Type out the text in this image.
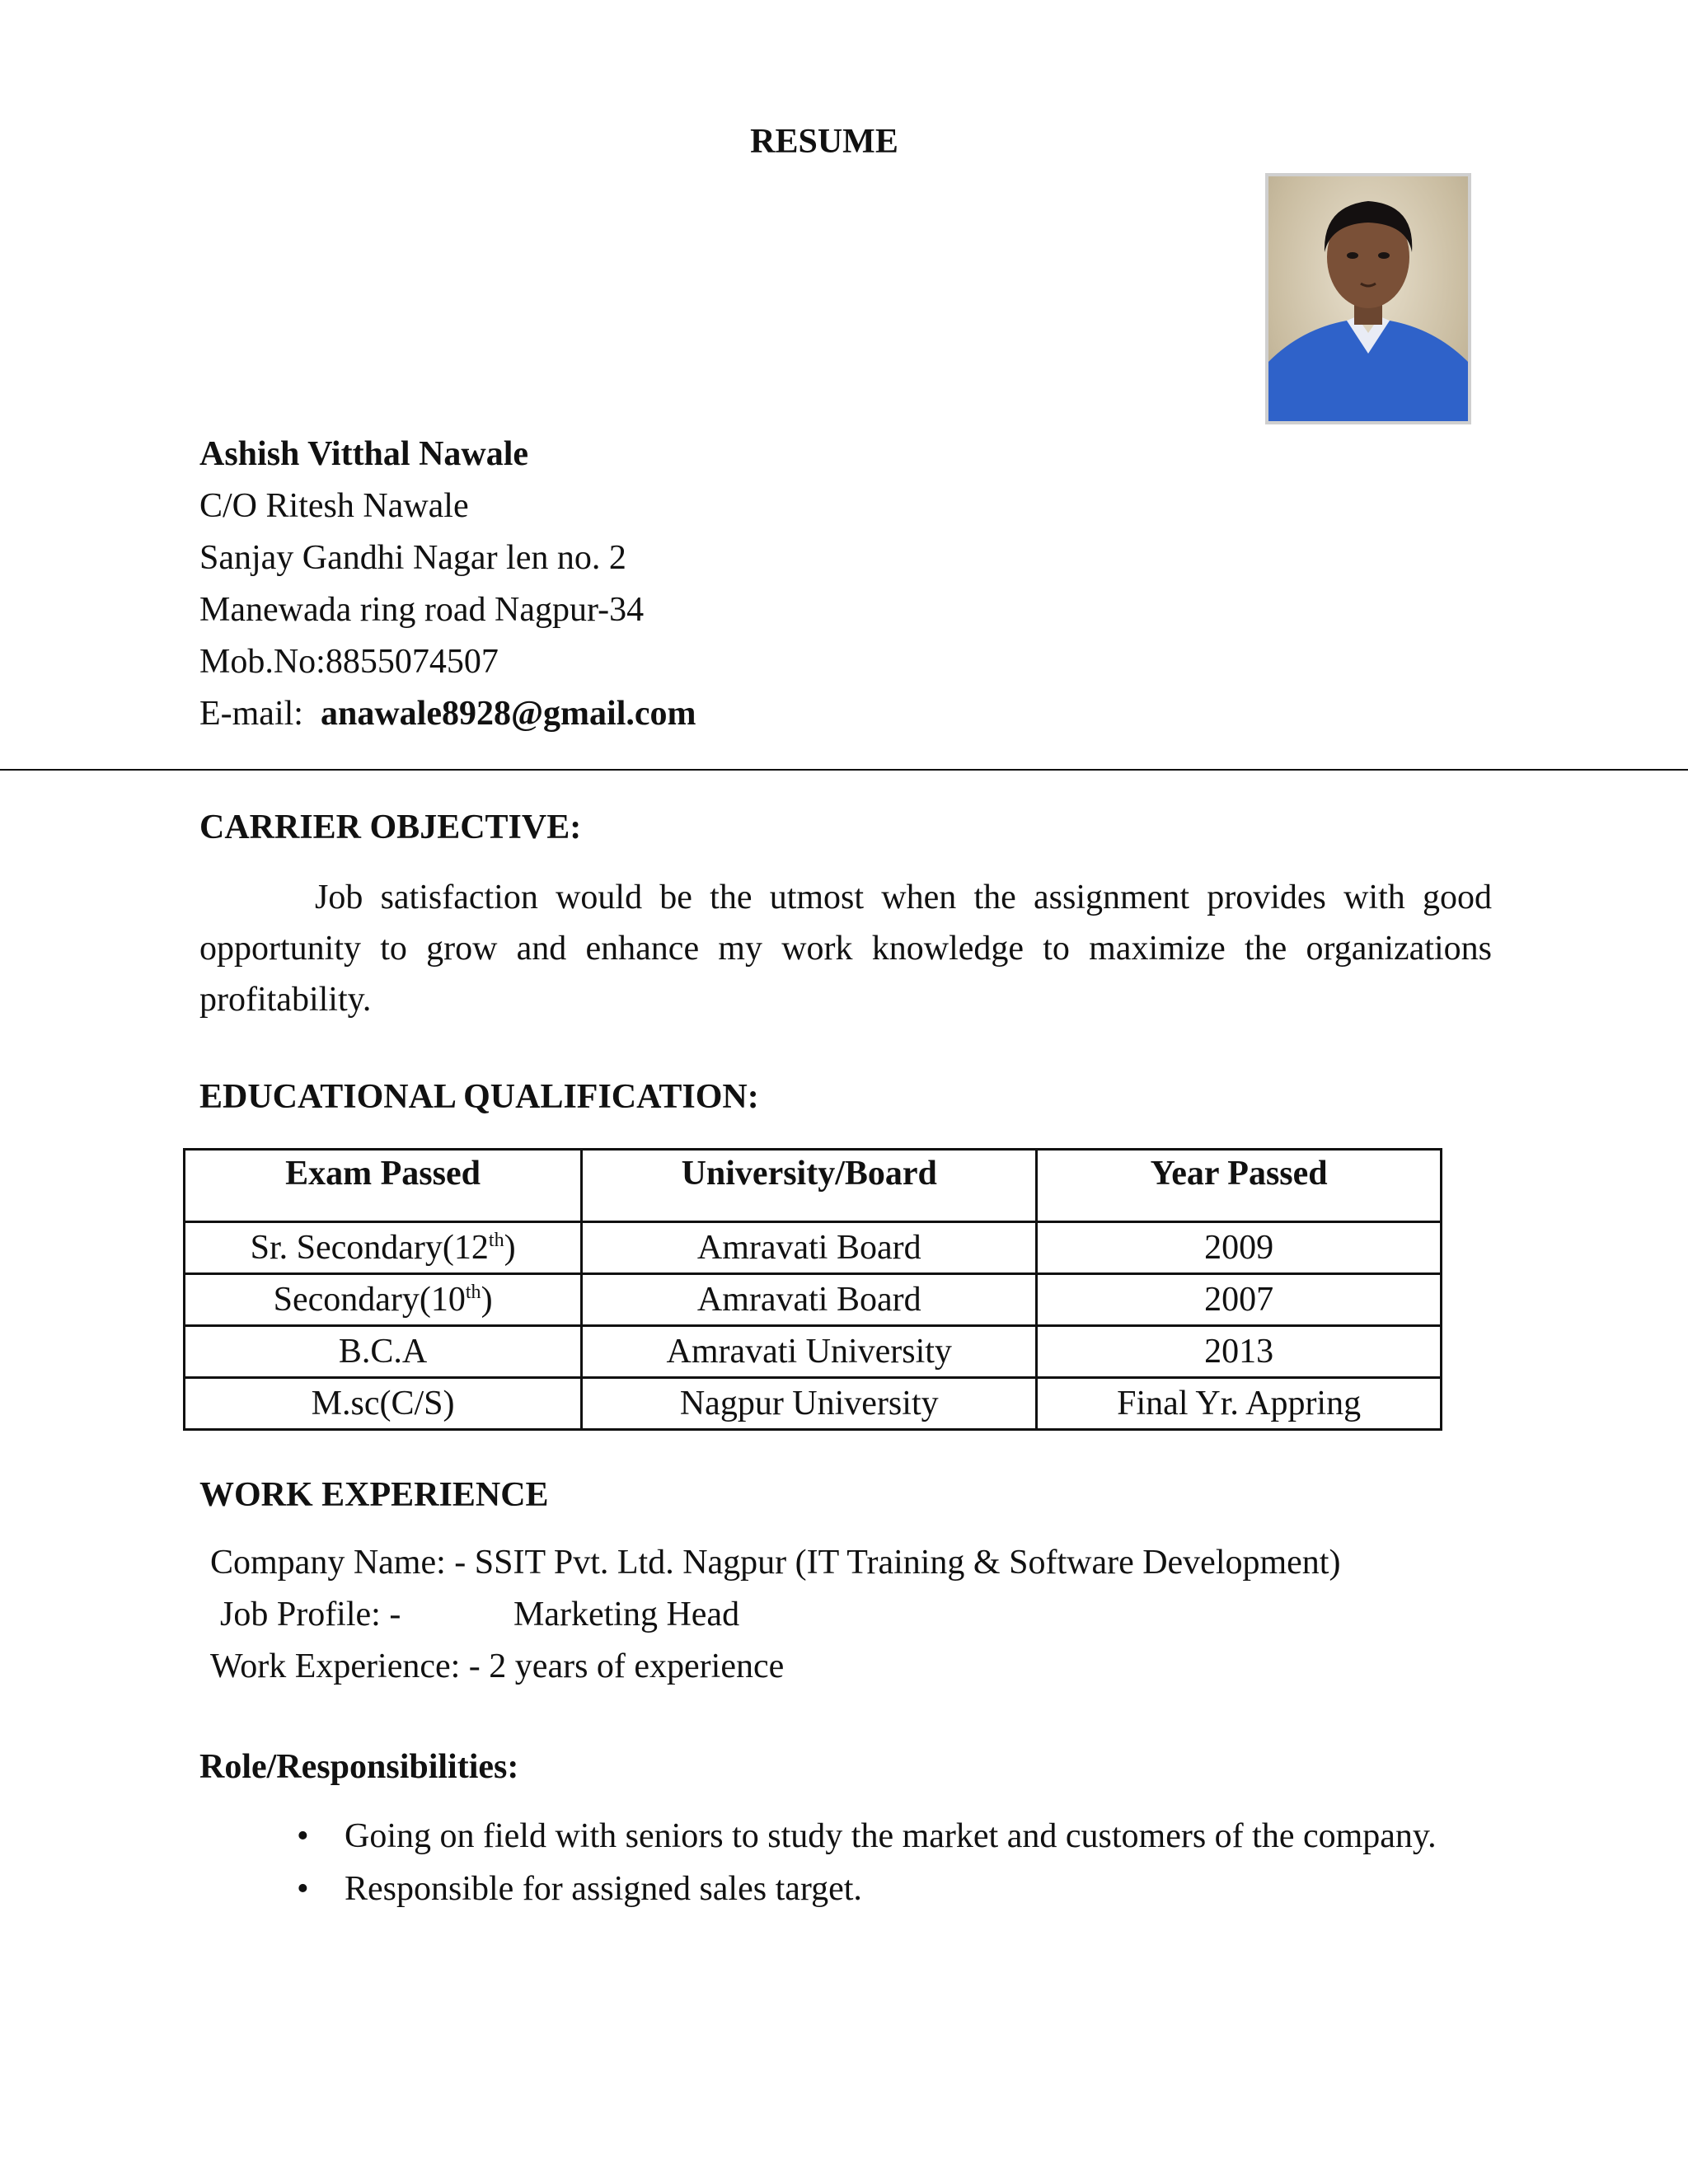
RESUME
Ashish Vitthal Nawale
C/O Ritesh Nawale
Sanjay Gandhi Nagar len no. 2
Manewada ring road Nagpur-34
Mob.No:8855074507
E-mail: anawale8928@gmail.com
CARRIER OBJECTIVE:
Job satisfaction would be the utmost when the assignment provides with good opportunity to grow and enhance my work knowledge to maximize the organizations profitability.
EDUCATIONAL QUALIFICATION:
Exam Passed	University/Board	Year Passed
Sr. Secondary(12th)	Amravati Board	2009
Secondary(10th)	Amravati Board	2007
B.C.A	Amravati University	2013
M.sc(C/S)	Nagpur University	Final Yr. Appring
WORK EXPERIENCE
Company Name: - SSIT Pvt. Ltd. Nagpur (IT Training & Software Development)
Job Profile: -	Marketing Head
Work Experience: - 2 years of experience
Role/Responsibilities:
• Going on field with seniors to study the market and customers of the company.
• Responsible for assigned sales target.
